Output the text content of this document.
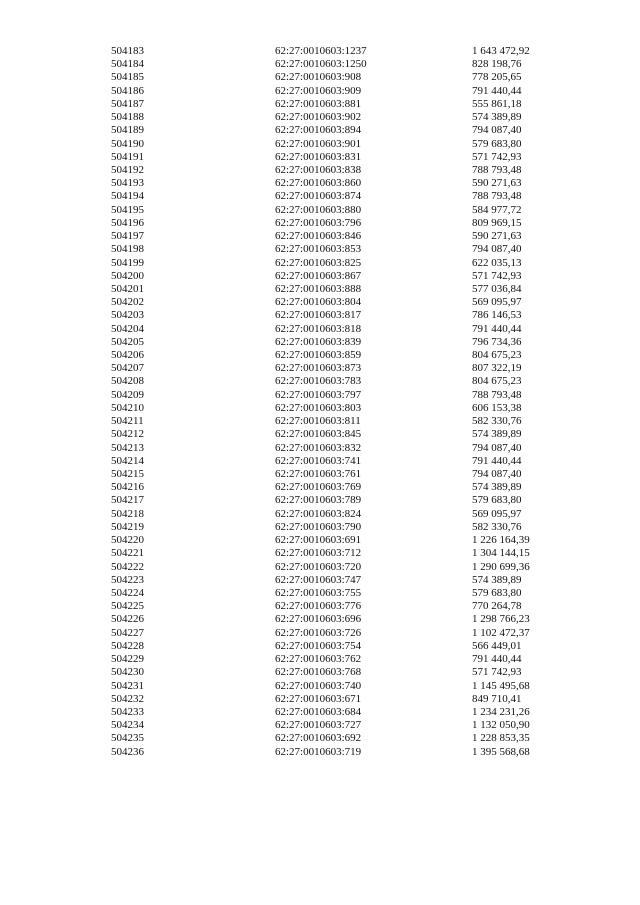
504183	62:27:0010603:1237	1 643 472,92
504184	62:27:0010603:1250	828 198,76
504185	62:27:0010603:908	778 205,65
504186	62:27:0010603:909	791 440,44
504187	62:27:0010603:881	555 861,18
504188	62:27:0010603:902	574 389,89
504189	62:27:0010603:894	794 087,40
504190	62:27:0010603:901	579 683,80
504191	62:27:0010603:831	571 742,93
504192	62:27:0010603:838	788 793,48
504193	62:27:0010603:860	590 271,63
504194	62:27:0010603:874	788 793,48
504195	62:27:0010603:880	584 977,72
504196	62:27:0010603:796	809 969,15
504197	62:27:0010603:846	590 271,63
504198	62:27:0010603:853	794 087,40
504199	62:27:0010603:825	622 035,13
504200	62:27:0010603:867	571 742,93
504201	62:27:0010603:888	577 036,84
504202	62:27:0010603:804	569 095,97
504203	62:27:0010603:817	786 146,53
504204	62:27:0010603:818	791 440,44
504205	62:27:0010603:839	796 734,36
504206	62:27:0010603:859	804 675,23
504207	62:27:0010603:873	807 322,19
504208	62:27:0010603:783	804 675,23
504209	62:27:0010603:797	788 793,48
504210	62:27:0010603:803	606 153,38
504211	62:27:0010603:811	582 330,76
504212	62:27:0010603:845	574 389,89
504213	62:27:0010603:832	794 087,40
504214	62:27:0010603:741	791 440,44
504215	62:27:0010603:761	794 087,40
504216	62:27:0010603:769	574 389,89
504217	62:27:0010603:789	579 683,80
504218	62:27:0010603:824	569 095,97
504219	62:27:0010603:790	582 330,76
504220	62:27:0010603:691	1 226 164,39
504221	62:27:0010603:712	1 304 144,15
504222	62:27:0010603:720	1 290 699,36
504223	62:27:0010603:747	574 389,89
504224	62:27:0010603:755	579 683,80
504225	62:27:0010603:776	770 264,78
504226	62:27:0010603:696	1 298 766,23
504227	62:27:0010603:726	1 102 472,37
504228	62:27:0010603:754	566 449,01
504229	62:27:0010603:762	791 440,44
504230	62:27:0010603:768	571 742,93
504231	62:27:0010603:740	1 145 495,68
504232	62:27:0010603:671	849 710,41
504233	62:27:0010603:684	1 234 231,26
504234	62:27:0010603:727	1 132 050,90
504235	62:27:0010603:692	1 228 853,35
504236	62:27:0010603:719	1 395 568,68
